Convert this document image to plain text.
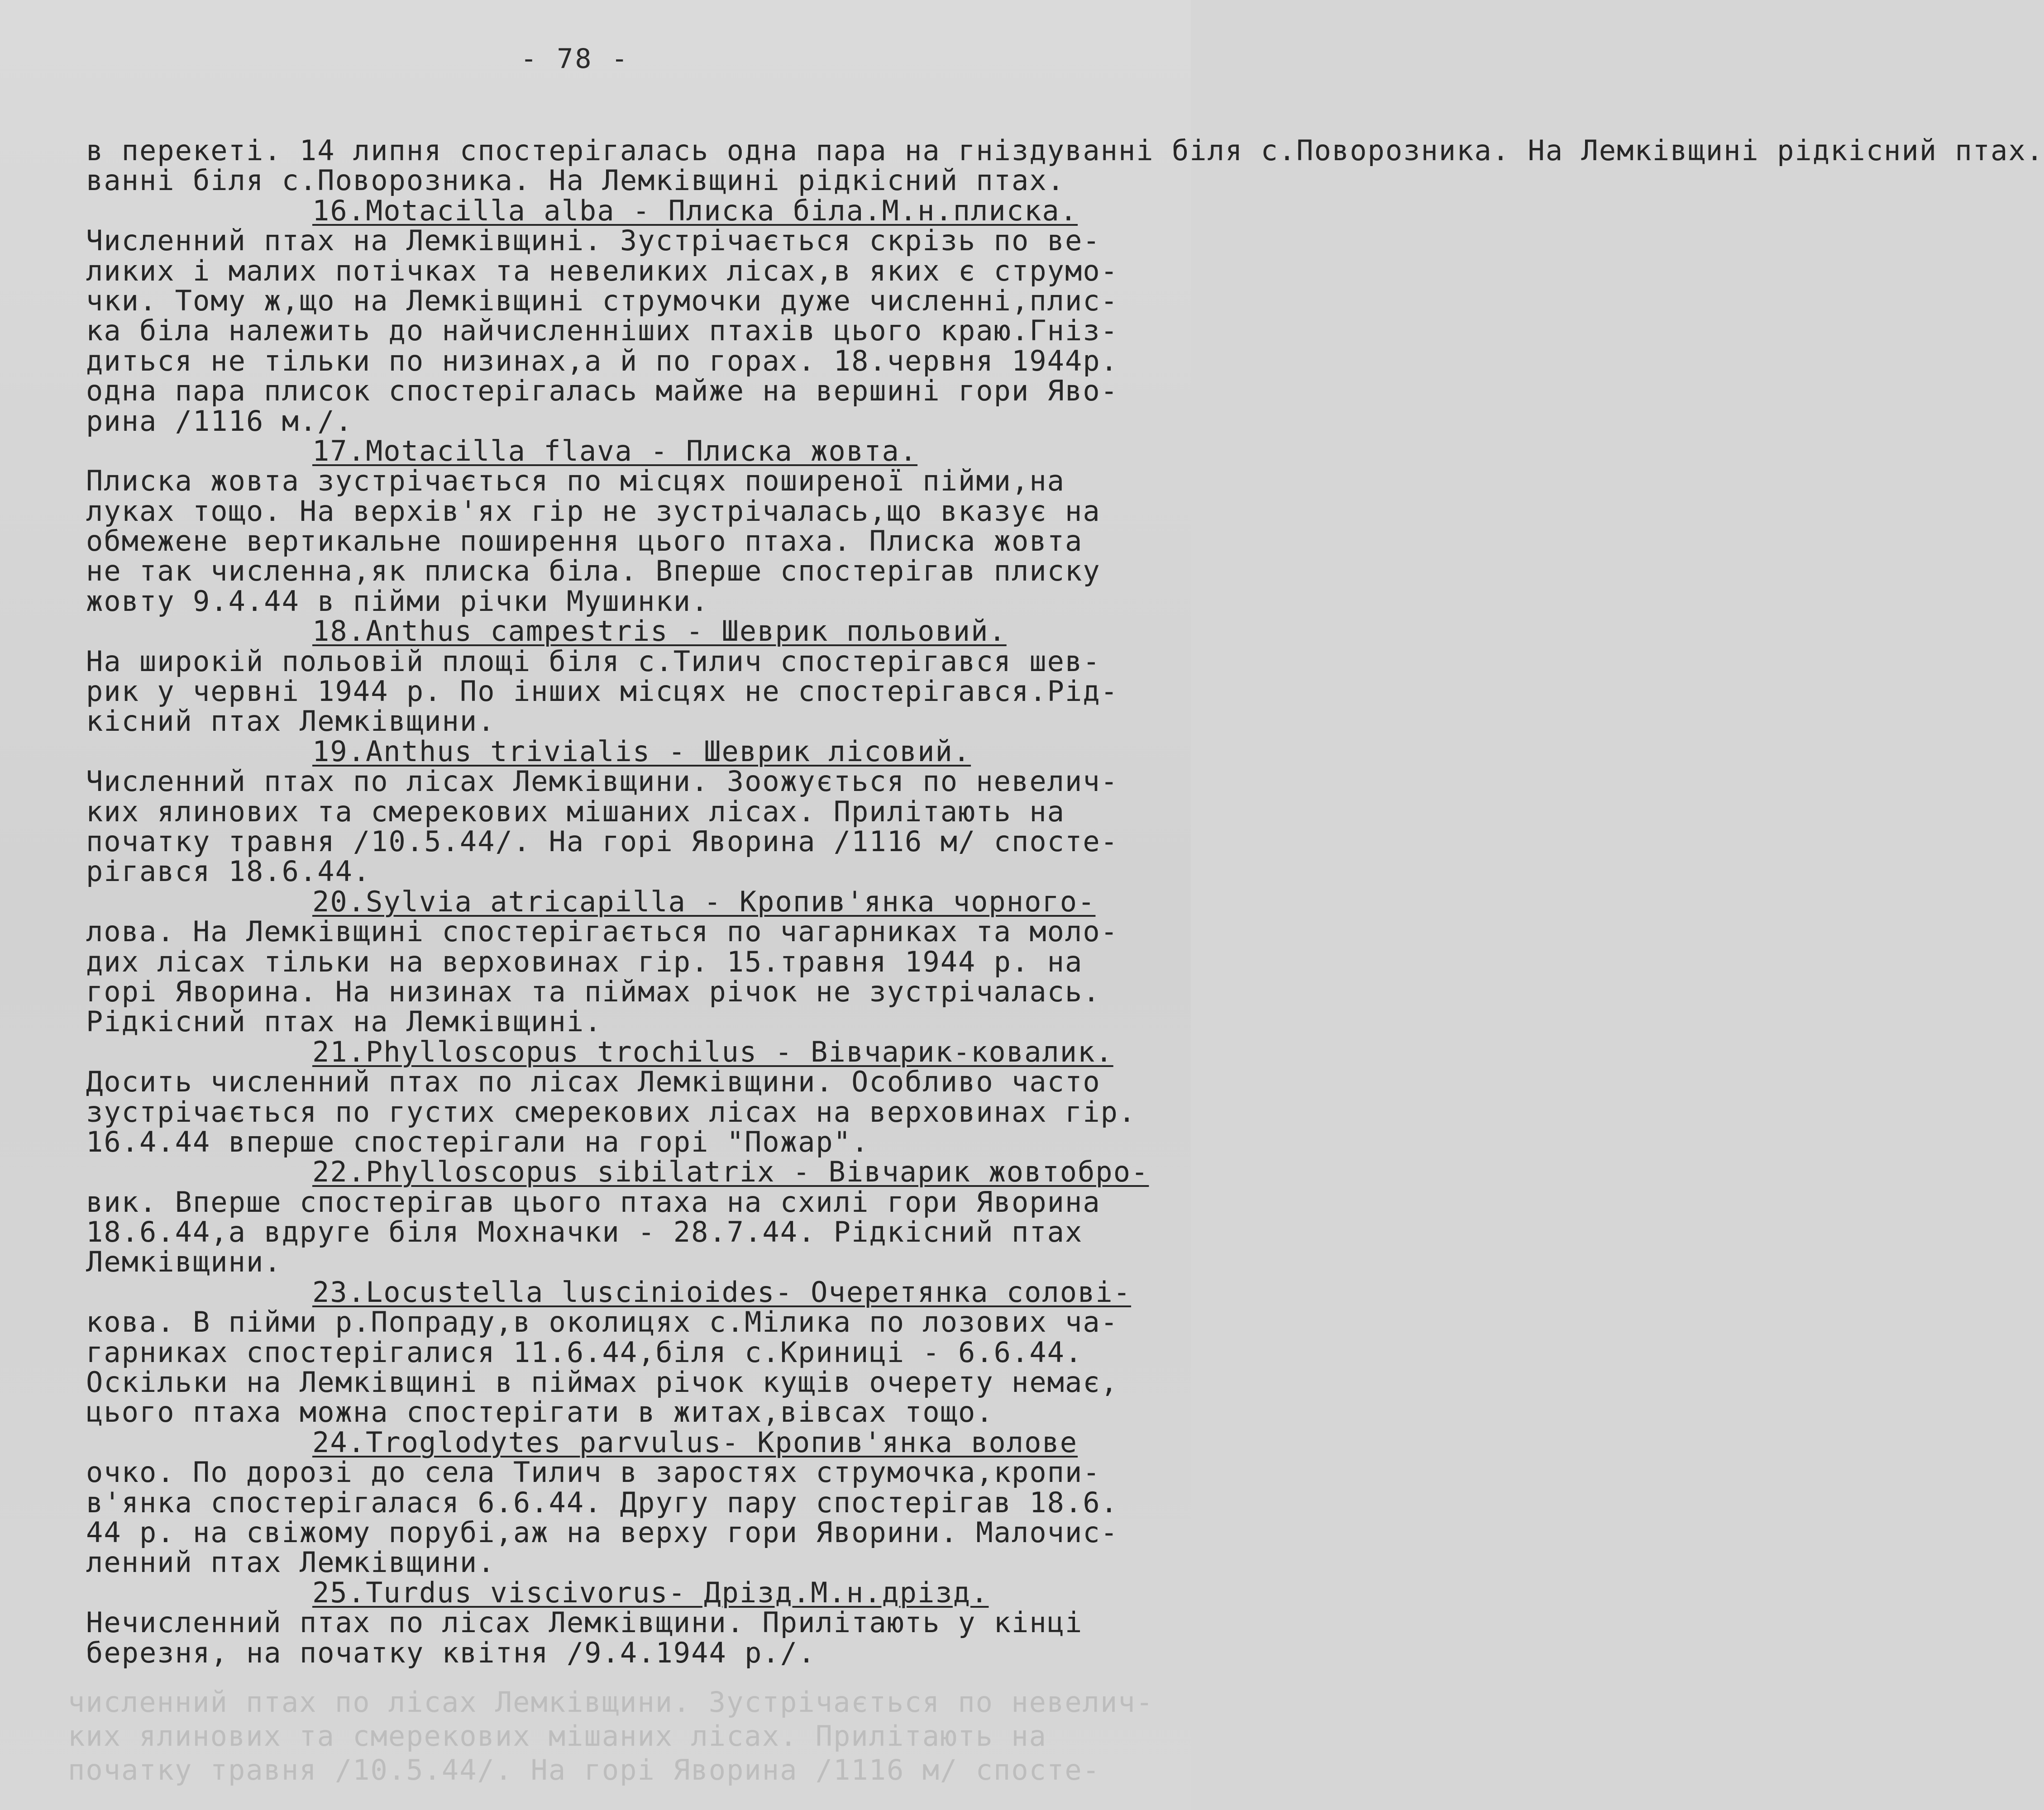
- 78 -
в перекеті. 14 липня спостерігалась одна пара на гніздуванні біля с.Поворозника. На Лемківщині рідкісний птах.
ванні біля с.Поворозника. На Лемківщині рідкісний птах.
16.Motacilla alba - Плиска біла.М.н.плиска.
Численний птах на Лемківщині. Зустрічається скрізь по ве-
ликих і малих потічках та невеликих лісах,в яких є струмо-
чки. Тому ж,що на Лемківщині струмочки дуже численні,плис-
ка біла належить до найчисленніших птахів цього краю.Гніз-
диться не тільки по низинах,а й по горах. 18.червня 1944р.
одна пара плисок спостерігалась майже на вершині гори Яво-
рина /1116 м./.
17.Motacilla flava - Плиска жовта.
Плиска жовта зустрічається по місцях поширеної пійми,на
луках тощо. На верхів'ях гір не зустрічалась,що вказує на
обмежене вертикальне поширення цього птаха. Плиска жовта
не так численна,як плиска біла. Вперше спостерігав плиску
жовту 9.4.44 в пійми річки Мушинки.
18.Anthus campestris - Шеврик польовий.
На широкій польовій площі біля с.Тилич спостерігався шев-
рик у червні 1944 р. По інших місцях не спостерігався.Рід-
кісний птах Лемківщини.
19.Anthus trivialis - Шеврик лісовий.
Численний птах по лісах Лемківщини. Зоожується по невелич-
ких ялинових та смерекових мішаних лісах. Прилітають на
початку травня /10.5.44/. На горі Яворина /1116 м/ споcте-
рігався 18.6.44.
20.Sylvia atricapilla - Кропив'янка чорного-
лова. На Лемківщині спостерігається по чагарниках та моло-
дих лісах тільки на верховинах гір. 15.травня 1944 р. на
горі Яворина. На низинах та піймах річок не зустрічалась.
Рідкісний птах на Лемківщині.
21.Phylloscopus trochilus - Вівчарик-ковалик.
Досить численний птах по лісах Лемківщини. Особливо часто
зустрічається по густих смерекових лісах на верховинах гір.
16.4.44 вперше спостерігали на горі "Пожар".
22.Phylloscopus sibilatrix - Вівчарик жовтобро-
вик. Вперше спостерігав цього птаха на схилі гори Яворина
18.6.44,а вдруге біля Мохначки - 28.7.44. Рідкісний птах
Лемківщини.
23.Locustella luscinioides- Очеретянка солові-
кова. В пійми р.Попраду,в околицях с.Мілика по лозових ча-
гарниках спостерігалися 11.6.44,біля с.Криниці - 6.6.44.
Оскільки на Лемківщині в піймах річок кущів очерету немає,
цього птаха можна спостерігати в житах,вівсах тощо.
24.Troglodytes parvulus- Кропив'янка волове
очко. По дорозі до села Тилич в заростях струмочка,кропи-
в'янка спостерігалася 6.6.44. Другу пару спостерігав 18.6.
44 р. на свіжому порубі,аж на верху гори Яворини. Малочис-
ленний птах Лемківщини.
25.Turdus viscivorus- Дрізд.М.н.дрізд.
Нечисленний птах по лісах Лемківщини. Прилітають у кінці
березня, на початку квітня /9.4.1944 р./.
численний птах по лісах Лемківщини. Зустрічається по невелич-
ких ялинових та смерекових мішаних лісах. Прилітають на
початку травня /10.5.44/. На горі Яворина /1116 м/ спосте-
